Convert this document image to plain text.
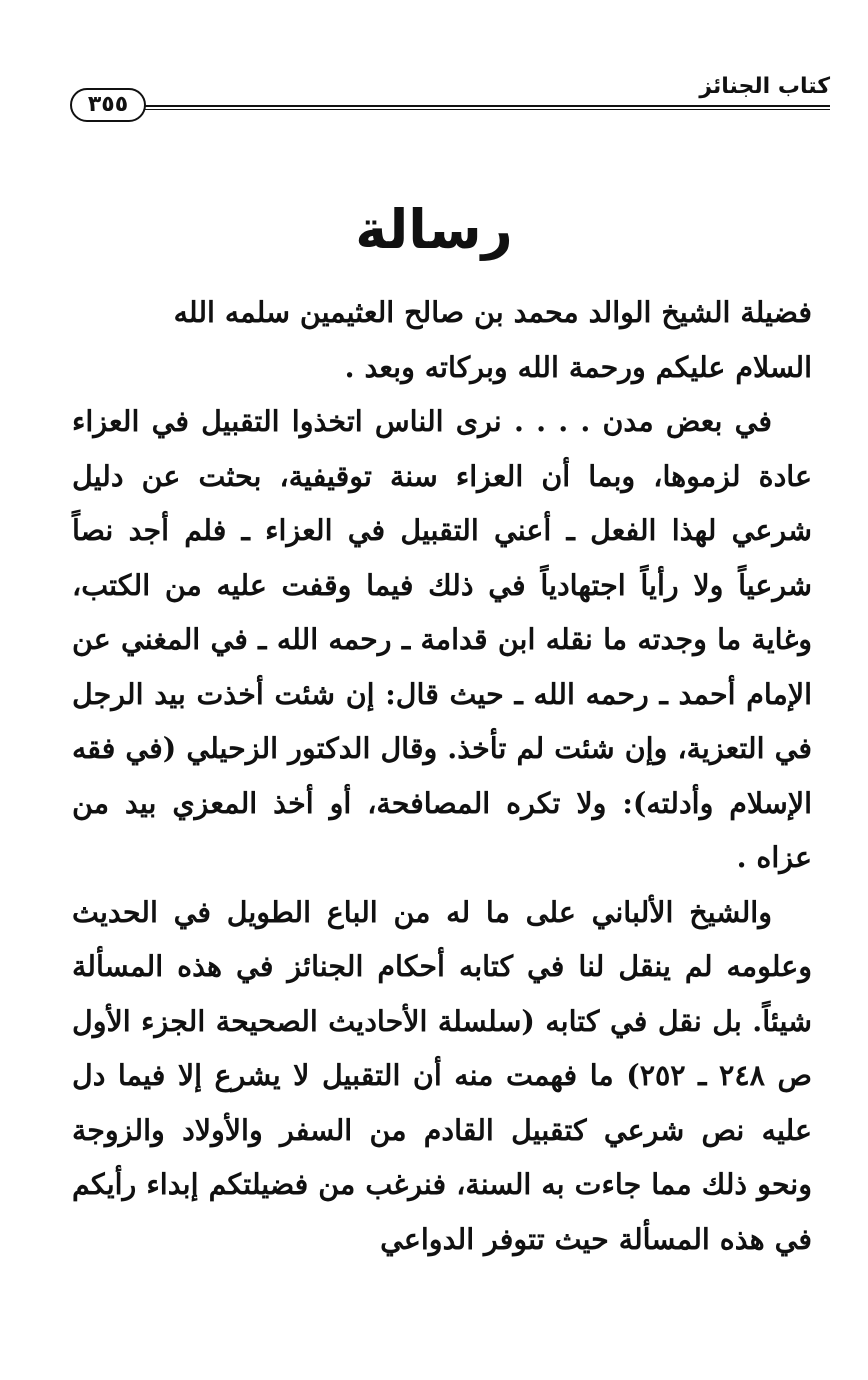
كتاب الجنائز
٣٥٥
رسالة

فضيلة الشيخ الوالد محمد بن صالح العثيمين سلمه الله

السلام عليكم ورحمة الله وبركاته وبعد .

في بعض مدن . . . . نرى الناس اتخذوا التقبيل في العزاء عادة لزموها، وبما أن العزاء سنة توقيفية، بحثت عن دليل شرعي لهذا الفعل ـ أعني التقبيل في العزاء ـ فلم أجد نصاً شرعياً ولا رأياً اجتهادياً في ذلك فيما وقفت عليه من الكتب، وغاية ما وجدته ما نقله ابن قدامة ـ رحمه الله ـ في المغني عن الإمام أحمد ـ رحمه الله ـ حيث قال: إن شئت أخذت بيد الرجل في التعزية، وإن شئت لم تأخذ. وقال الدكتور الزحيلي (في فقه الإسلام وأدلته): ولا تكره المصافحة، أو أخذ المعزي بيد من عزاه .

والشيخ الألباني على ما له من الباع الطويل في الحديث وعلومه لم ينقل لنا في كتابه أحكام الجنائز في هذه المسألة شيئاً. بل نقل في كتابه (سلسلة الأحاديث الصحيحة الجزء الأول ص ٢٤٨ ـ ٢٥٢) ما فهمت منه أن التقبيل لا يشرع إلا فيما دل عليه نص شرعي كتقبيل القادم من السفر والأولاد والزوجة ونحو ذلك مما جاءت به السنة، فنرغب من فضيلتكم إبداء رأيكم في هذه المسألة حيث تتوفر الدواعي
